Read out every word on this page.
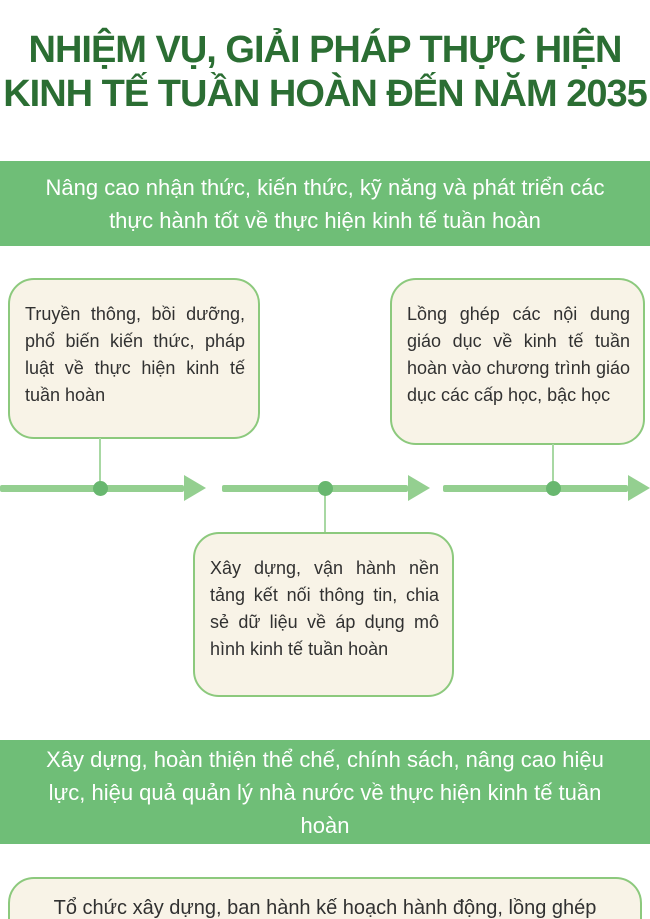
NHIỆM VỤ, GIẢI PHÁP THỰC HIỆN
KINH TẾ TUẦN HOÀN ĐẾN NĂM 2035
Nâng cao nhận thức, kiến thức, kỹ năng và phát triển các thực hành tốt về thực hiện kinh tế tuần hoàn
Truyền thông, bồi dưỡng, phổ biến kiến thức, pháp luật về thực hiện kinh tế tuần hoàn
Lồng ghép các nội dung giáo dục về kinh tế tuần hoàn vào chương trình giáo dục các cấp học, bậc học
Xây dựng, vận hành nền tảng kết nối thông tin, chia sẻ dữ liệu về áp dụng mô hình kinh tế tuần hoàn
Xây dựng, hoàn thiện thể chế, chính sách, nâng cao hiệu lực, hiệu quả quản lý nhà nước về thực hiện kinh tế tuần hoàn
Tổ chức xây dựng, ban hành kế hoạch hành động, lồng ghép
